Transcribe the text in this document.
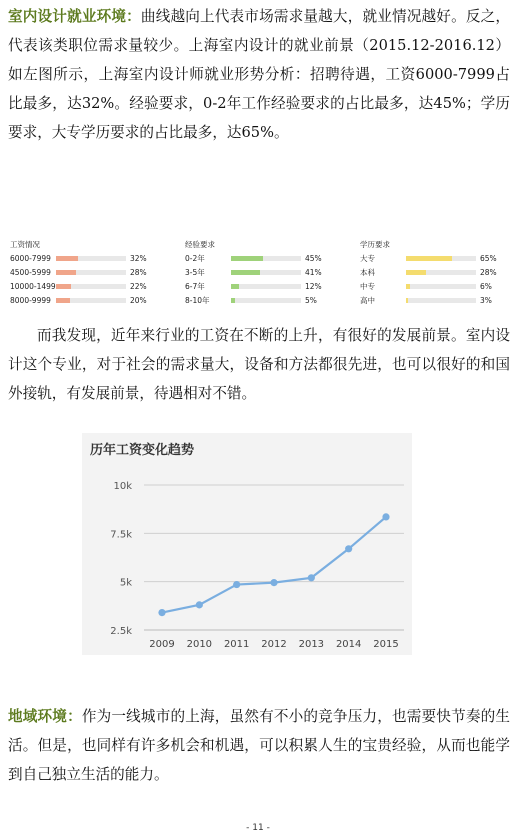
室内设计就业环境：曲线越向上代表市场需求量越大，就业情况越好。反之，代表该类职位需求量较少。上海室内设计的就业前景（2015.12-2016.12）如左图所示，上海室内设计师就业形势分析：招聘待遇，工资6000-7999占比最多，达32%。经验要求，0-2年工作经验要求的占比最多，达45%；学历要求，大专学历要求的占比最多，达65%。

工资情况
6000-7999	32%
4500-5999	28%
10000-1499	22%
8000-9999	20%
经验要求
0-2年	45%
3-5年	41%
6-7年	12%
8-10年	5%
学历要求
大专	65%
本科	28%
中专	6%
高中	3%

而我发现，近年来行业的工资在不断的上升，有很好的发展前景。室内设计这个专业，对于社会的需求量大，设备和方法都很先进，也可以很好的和国外接轨，有发展前景，待遇相对不错。

历年工资变化趋势
2.5k
5k
7.5k
10k
2009 2010 2011 2012 2013 2014 2015

地域环境：作为一线城市的上海，虽然有不小的竞争压力，也需要快节奏的生活。但是，也同样有许多机会和机遇，可以积累人生的宝贵经验，从而也能学到自己独立生活的能力。

- 11 -
